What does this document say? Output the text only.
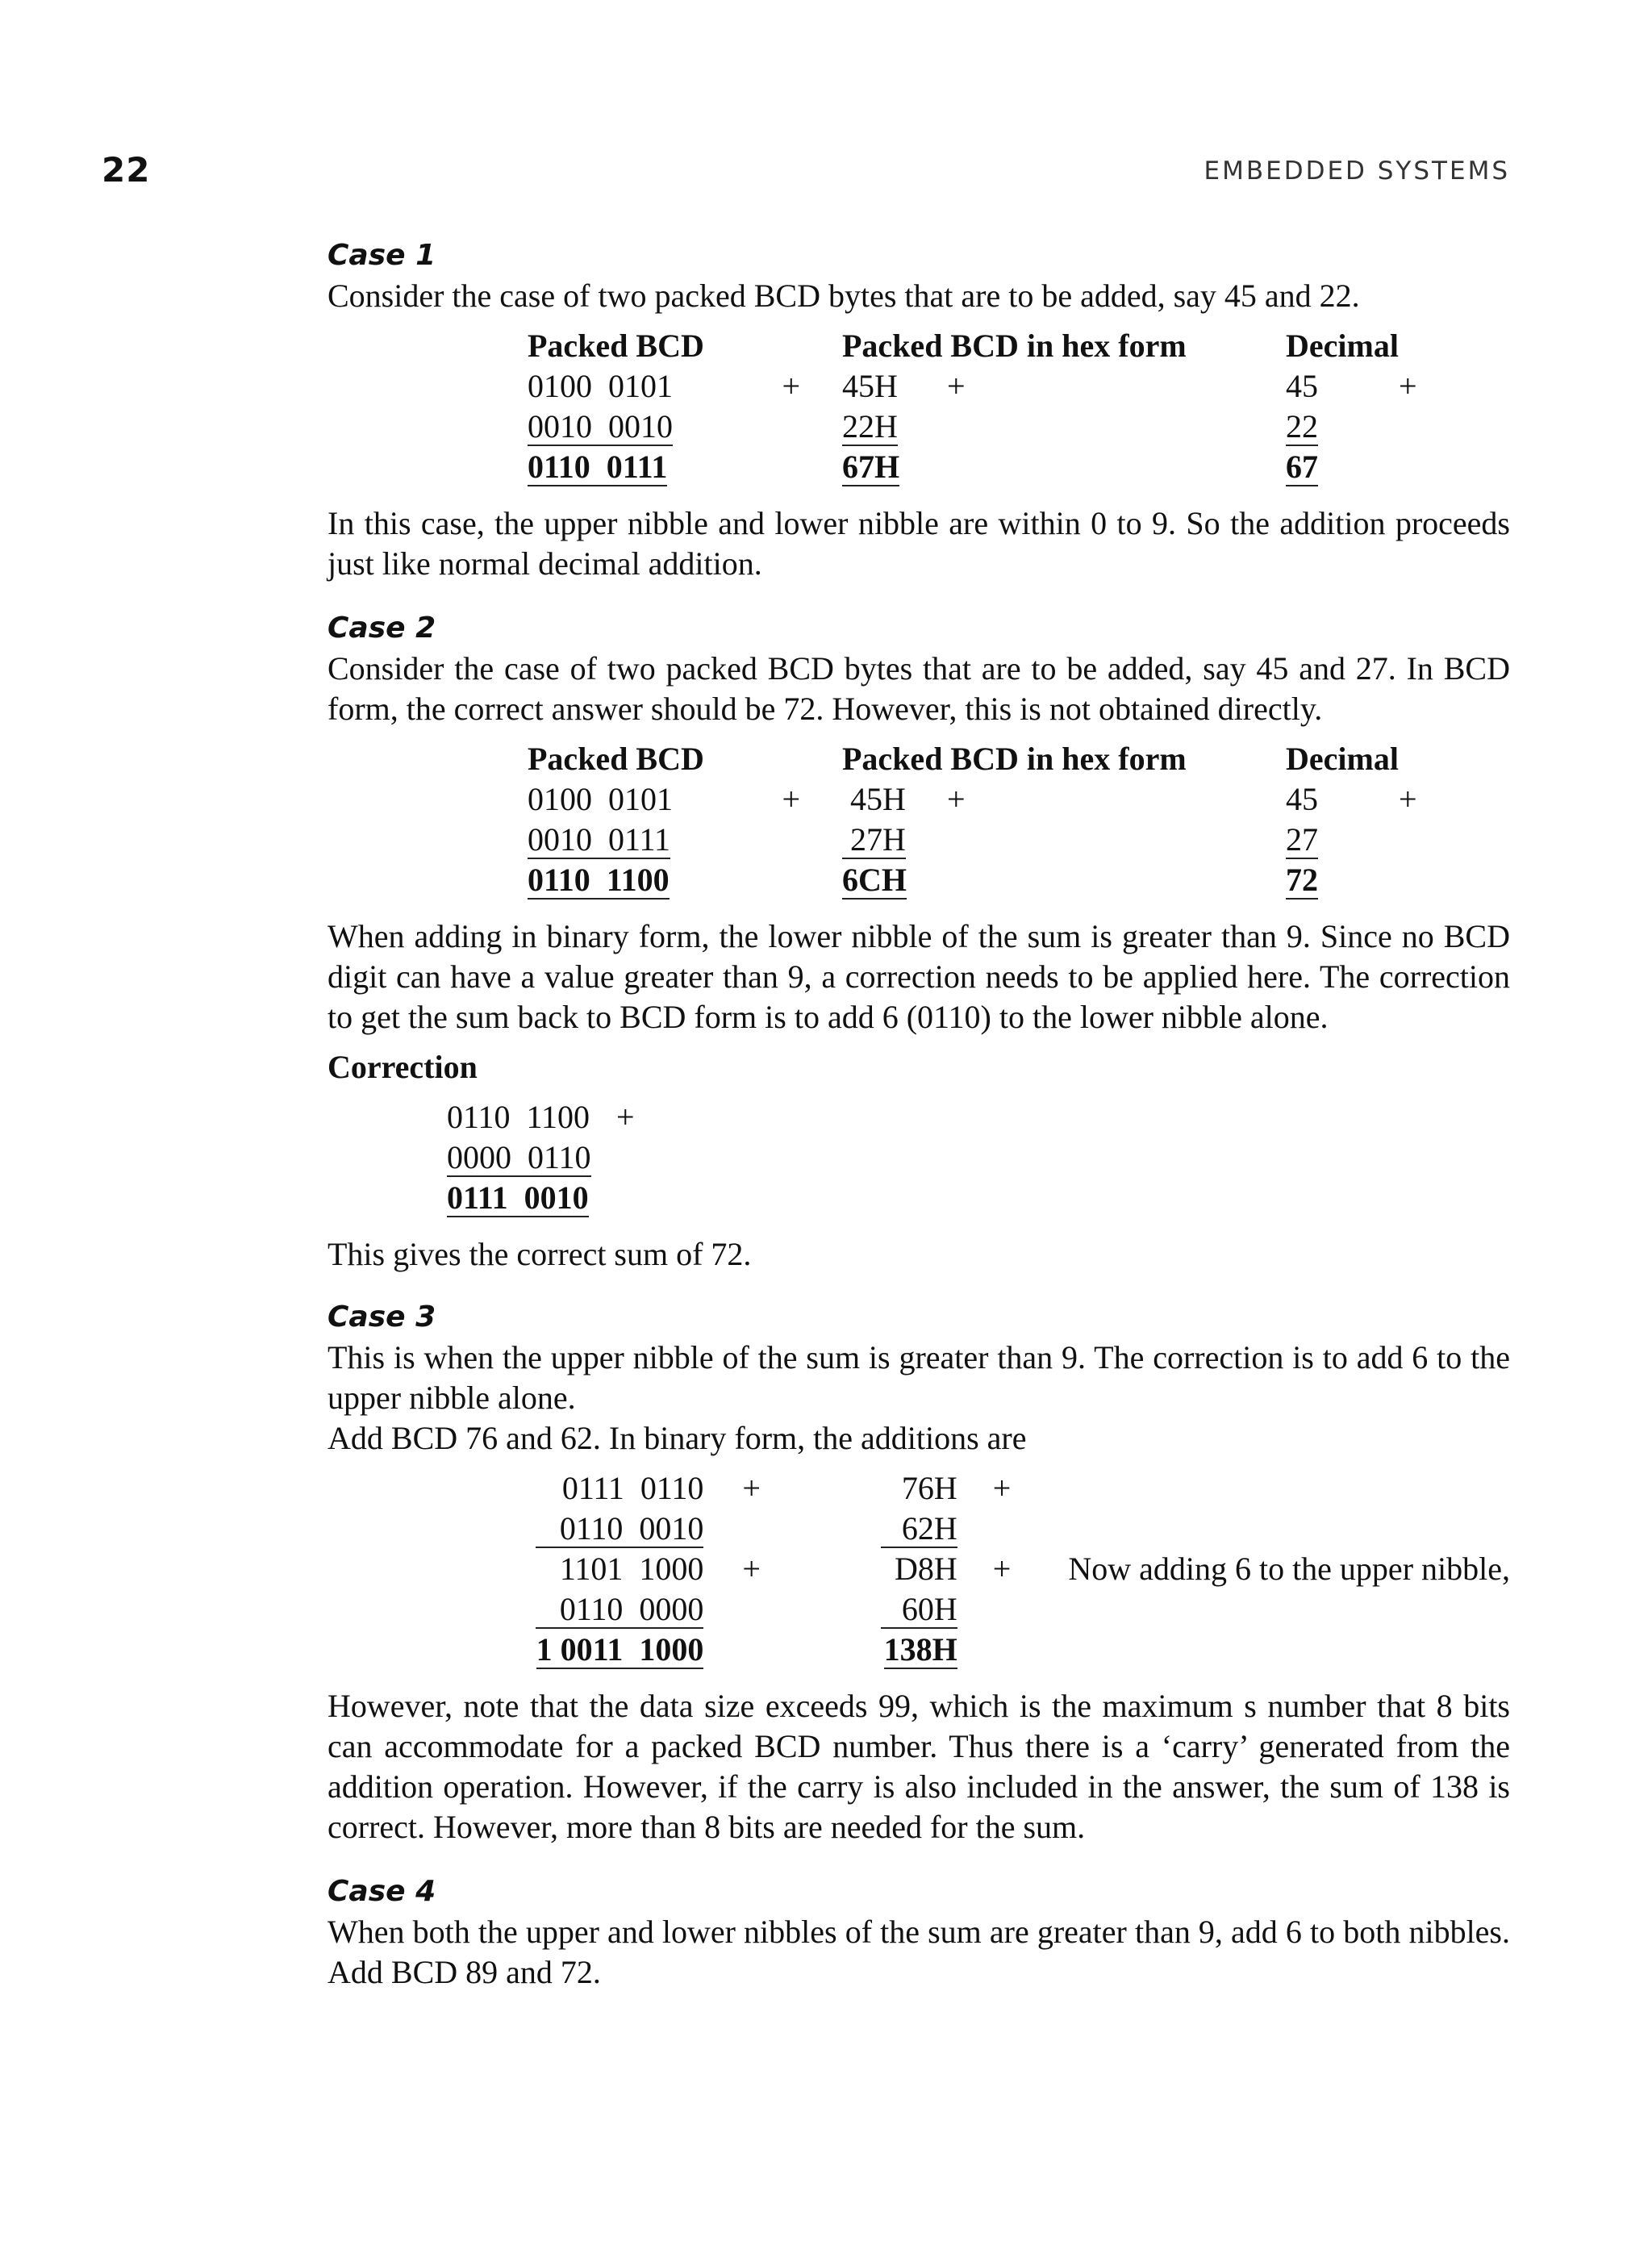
22	EMBEDDED SYSTEMS
Case 1

Consider the case of two packed BCD bytes that are to be added, say 45 and 22.

Packed BCD		Packed BCD in hex form		Decimal	
0100  0101	+	45H	+	45	+
0010  0010		22H		22	
0110  0111		67H		67	

In this case, the upper nibble and lower nibble are within 0 to 9. So the addition proceeds just like normal decimal addition.

Case 2

Consider the case of two packed BCD bytes that are to be added, say 45 and 27. In BCD form, the correct answer should be 72. However, this is not obtained directly.

Packed BCD		Packed BCD in hex form		Decimal	
0100  0101	+	45H	+	45	+
0010  0111		27H		27	
0110  1100		6CH		72	

When adding in binary form, the lower nibble of the sum is greater than 9. Since no BCD digit can have a value greater than 9, a correction needs to be applied here. The correction to get the sum back to BCD form is to add 6 (0110) to the lower nibble alone.

Correction

0110  1100	+
0000  0110	
0111  0010	

This gives the correct sum of 72.

Case 3

This is when the upper nibble of the sum is greater than 9. The correction is to add 6 to the upper nibble alone.

Add BCD 76 and 62. In binary form, the additions are

0111  0110	+	76H	+	
0110  0010		62H		
1101  1000	+	D8H	+	Now adding 6 to the upper nibble,
0110  0000		60H		
1 0011  1000		138H		

However, note that the data size exceeds 99, which is the maximum s number that 8 bits can accommodate for a packed BCD number. Thus there is a ‘carry’ generated from the addition operation. However, if the carry is also included in the answer, the sum of 138 is correct. However, more than 8 bits are needed for the sum.

Case 4

When both the upper and lower nibbles of the sum are greater than 9, add 6 to both nibbles. Add BCD 89 and 72.
